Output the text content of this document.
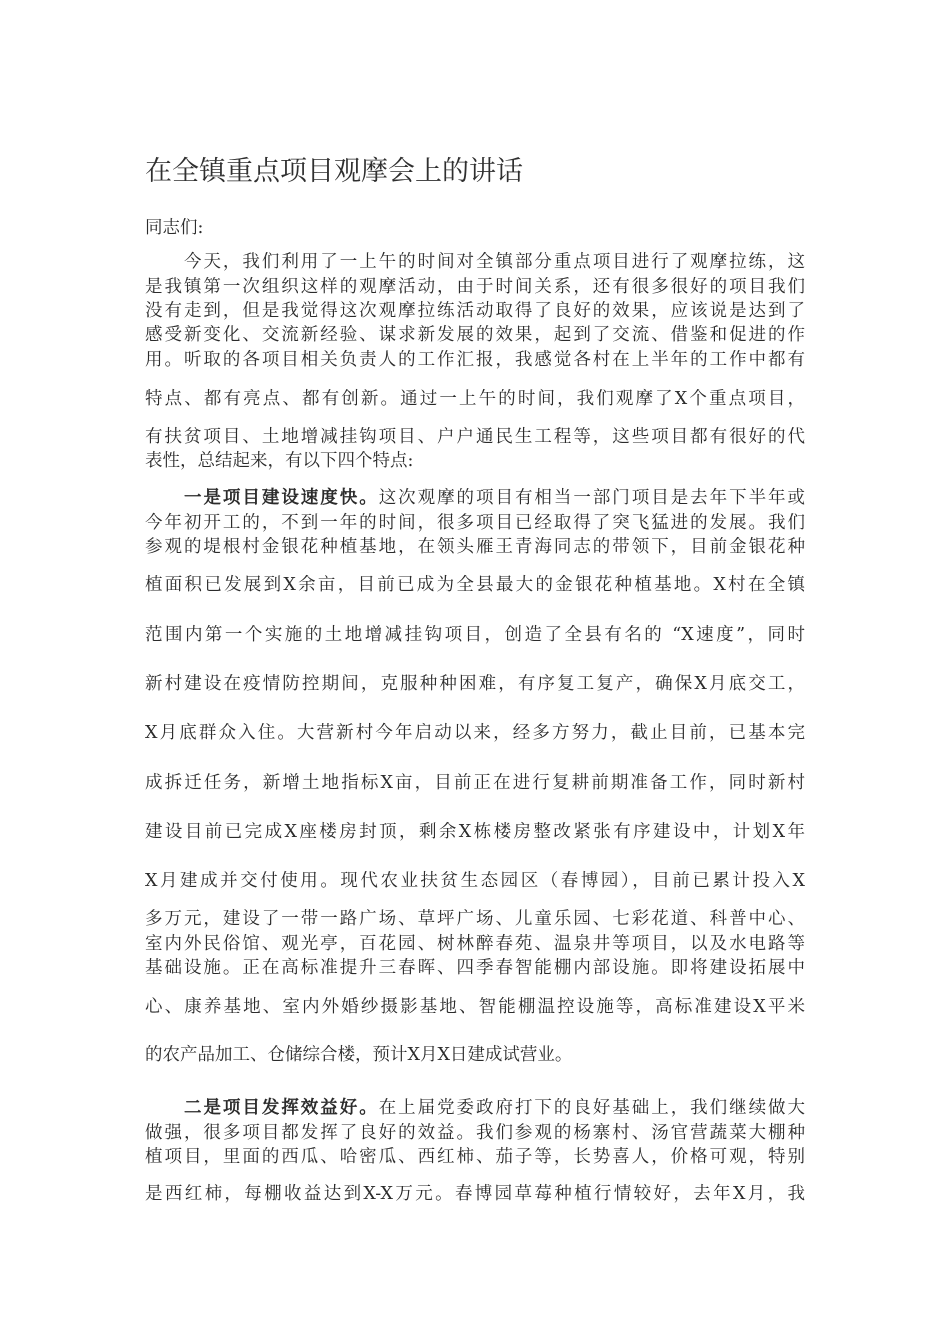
在全镇重点项目观摩会上的讲话
同志们:
今天，我们利用了一上午的时间对全镇部分重点项目进行了观摩拉练，这
是我镇第一次组织这样的观摩活动，由于时间关系，还有很多很好的项目我们
没有走到，但是我觉得这次观摩拉练活动取得了良好的效果，应该说是达到了
感受新变化、交流新经验、谋求新发展的效果，起到了交流、借鉴和促进的作
用。听取的各项目相关负责人的工作汇报，我感觉各村在上半年的工作中都有
特点、都有亮点、都有创新。通过一上午的时间，我们观摩了X个重点项目，
有扶贫项目、土地增减挂钩项目、户户通民生工程等，这些项目都有很好的代
表性，总结起来，有以下四个特点:
一是项目建设速度快。这次观摩的项目有相当一部门项目是去年下半年或
今年初开工的，不到一年的时间，很多项目已经取得了突飞猛进的发展。我们
参观的堤根村金银花种植基地，在领头雁王青海同志的带领下，目前金银花种
植面积已发展到X余亩，目前已成为全县最大的金银花种植基地。X村在全镇
范围内第一个实施的土地增减挂钩项目，创造了全县有名的 “X速度”，同时
新村建设在疫情防控期间，克服种种困难，有序复工复产，确保X月底交工，
X月底群众入住。大营新村今年启动以来，经多方努力，截止目前，已基本完
成拆迁任务，新增土地指标X亩，目前正在进行复耕前期准备工作，同时新村
建设目前已完成X座楼房封顶，剩余X栋楼房整改紧张有序建设中，计划X年
X月建成并交付使用。现代农业扶贫生态园区（春博园），目前已累计投入X
多万元，建设了一带一路广场、草坪广场、儿童乐园、七彩花道、科普中心、
室内外民俗馆、观光亭，百花园、树林醉春苑、温泉井等项目，以及水电路等
基础设施。正在高标准提升三春晖、四季春智能棚内部设施。即将建设拓展中
心、康养基地、室内外婚纱摄影基地、智能棚温控设施等，高标准建设X平米
的农产品加工、仓储综合楼，预计X月X日建成试营业。
二是项目发挥效益好。在上届党委政府打下的良好基础上，我们继续做大
做强，很多项目都发挥了良好的效益。我们参观的杨寨村、汤官营蔬菜大棚种
植项目，里面的西瓜、哈密瓜、西红柿、茄子等，长势喜人，价格可观，特别
是西红柿，每棚收益达到X-X万元。春博园草莓种植行情较好，去年X月，我
